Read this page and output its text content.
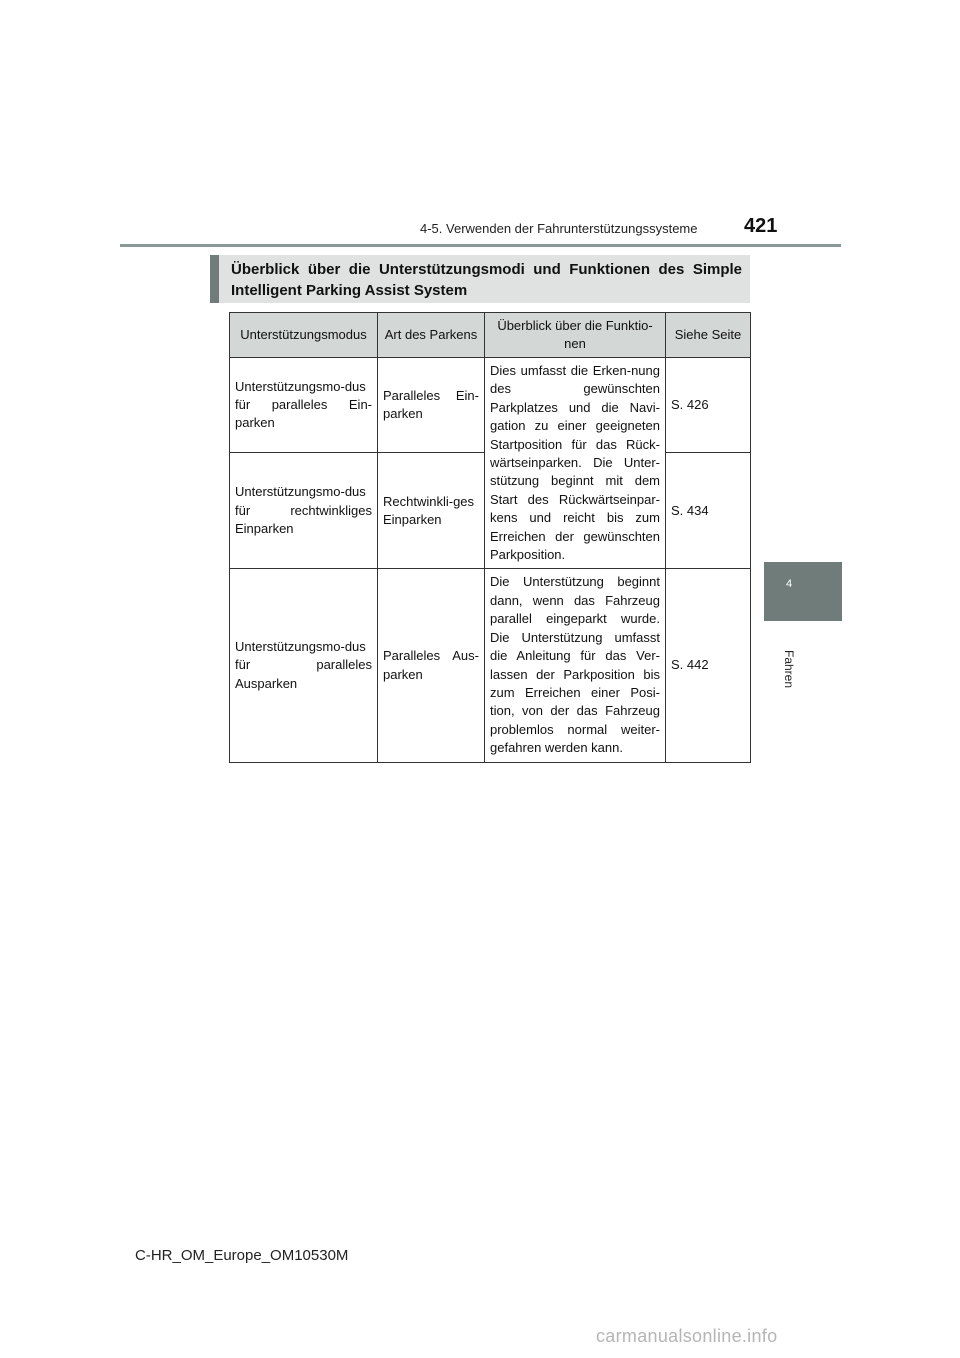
4-5. Verwenden der Fahrunterstützungssysteme 421
4
Fahren
Überblick über die Unterstützungsmodi und Funktionen des Simple Intelligent Parking Assist System
Unterstützungsmodus	Art des Parkens	Überblick über die Funktio-nen	Siehe Seite
Unterstützungsmo-dus für paralleles Ein-parken	Paralleles Ein-parken	Dies umfasst die Erken-nung des gewünschten Parkplatzes und die Navi-gation zu einer geeigneten Startposition für das Rück-wärtseinparken. Die Unter-stützung beginnt mit dem Start des Rückwärtseinpar-kens und reicht bis zum Erreichen der gewünschten Parkposition.	S. 426
Unterstützungsmo-dus für rechtwinkliges Einparken	Rechtwinkli-ges Einparken		S. 434
Unterstützungsmo-dus für paralleles Ausparken	Paralleles Aus-parken	Die Unterstützung beginnt dann, wenn das Fahrzeug parallel eingeparkt wurde. Die Unterstützung umfasst die Anleitung für das Ver-lassen der Parkposition bis zum Erreichen einer Posi-tion, von der das Fahrzeug problemlos normal weiter-gefahren werden kann.	S. 442
C-HR_OM_Europe_OM10530M
carmanualsonline.info
